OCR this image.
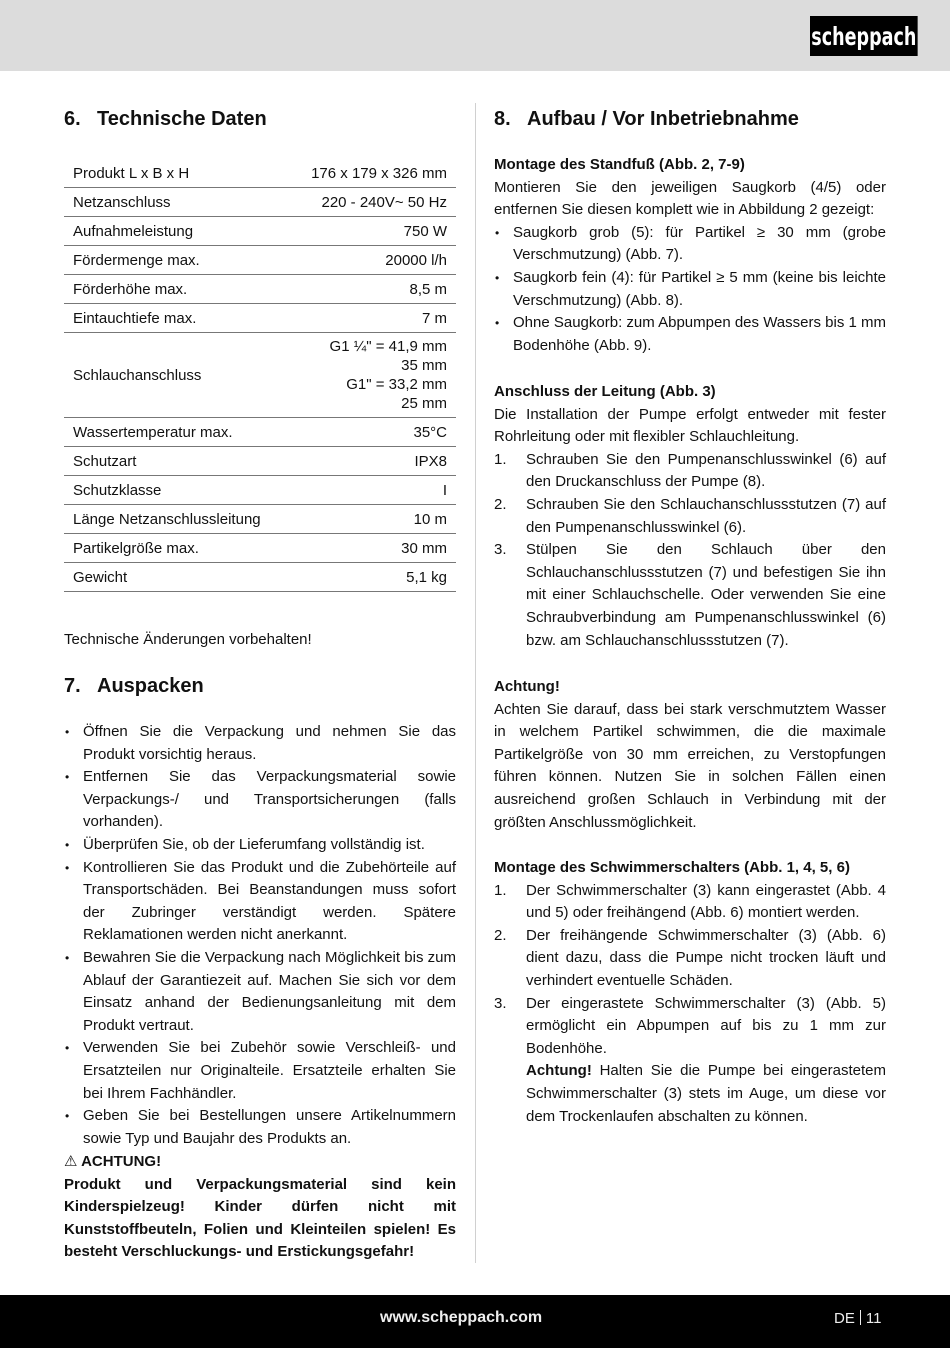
scheppach
6. Technische Daten
Produkt L x B x H	176 x 179 x 326 mm
Netzanschluss	220 - 240V~ 50 Hz
Aufnahmeleistung	750 W
Fördermenge max.	20000 l/h
Förderhöhe max.	8,5 m
Eintauchtiefe max.	7 m
Schlauchanschluss	G1 ¼" = 41,9 mm
35 mm
G1" = 33,2 mm
25 mm

Wassertemperatur max.	35°C
Schutzart	IPX8
Schutzklasse	I
Länge Netzanschlussleitung	10 m
Partikelgröße max.	30 mm
Gewicht	5,1 kg
Technische Änderungen vorbehalten!
7. Auspacken
• Öffnen Sie die Verpackung und nehmen Sie das Produkt vorsichtig heraus.
• Entfernen Sie das Verpackungsmaterial sowie Verpackungs-/ und Transportsicherungen (falls vorhanden).
• Überprüfen Sie, ob der Lieferumfang vollständig ist.
• Kontrollieren Sie das Produkt und die Zubehörteile auf Transportschäden. Bei Beanstandungen muss sofort der Zubringer verständigt werden. Spätere Reklamationen werden nicht anerkannt.
• Bewahren Sie die Verpackung nach Möglichkeit bis zum Ablauf der Garantiezeit auf. Machen Sie sich vor dem Einsatz anhand der Bedienungsanleitung mit dem Produkt vertraut.
• Verwenden Sie bei Zubehör sowie Verschleiß- und Ersatzteilen nur Originalteile. Ersatzteile erhalten Sie bei Ihrem Fachhändler.
• Geben Sie bei Bestellungen unsere Artikelnummern sowie Typ und Baujahr des Produkts an.
⚠ ACHTUNG!
Produkt und Verpackungsmaterial sind kein Kinderspielzeug! Kinder dürfen nicht mit Kunststoffbeuteln, Folien und Kleinteilen spielen! Es besteht Verschluckungs- und Erstickungsgefahr!
8. Aufbau / Vor Inbetriebnahme
Montage des Standfuß (Abb. 2, 7-9)
Montieren Sie den jeweiligen Saugkorb (4/5) oder entfernen Sie diesen komplett wie in Abbildung 2 gezeigt:
• Saugkorb grob (5): für Partikel ≥ 30 mm (grobe Verschmutzung) (Abb. 7).
• Saugkorb fein (4): für Partikel ≥ 5 mm (keine bis leichte Verschmutzung) (Abb. 8).
• Ohne Saugkorb: zum Abpumpen des Wassers bis 1 mm Bodenhöhe (Abb. 9).
Anschluss der Leitung (Abb. 3)
Die Installation der Pumpe erfolgt entweder mit fester Rohrleitung oder mit flexibler Schlauchleitung.
1. Schrauben Sie den Pumpenanschlusswinkel (6) auf den Druckanschluss der Pumpe (8).
2. Schrauben Sie den Schlauchanschlussstutzen (7) auf den Pumpenanschlusswinkel (6).
3. Stülpen Sie den Schlauch über den Schlauchanschlussstutzen (7) und befestigen Sie ihn mit einer Schlauchschelle. Oder verwenden Sie eine Schraubverbindung am Pumpenanschlusswinkel (6) bzw. am Schlauchanschlussstutzen (7).
Achtung!
Achten Sie darauf, dass bei stark verschmutztem Wasser in welchem Partikel schwimmen, die die maximale Partikelgröße von 30 mm erreichen, zu Verstopfungen führen können. Nutzen Sie in solchen Fällen einen ausreichend großen Schlauch in Verbindung mit der größten Anschlussmöglichkeit.
Montage des Schwimmerschalters (Abb. 1, 4, 5, 6)
1. Der Schwimmerschalter (3) kann eingerastet (Abb. 4 und 5) oder freihängend (Abb. 6) montiert werden.
2. Der freihängende Schwimmerschalter (3) (Abb. 6) dient dazu, dass die Pumpe nicht trocken läuft und verhindert eventuelle Schäden.
3. Der eingerastete Schwimmerschalter (3) (Abb. 5) ermöglicht ein Abpumpen auf bis zu 1 mm zur Bodenhöhe.
Achtung! Halten Sie die Pumpe bei eingerastetem Schwimmerschalter (3) stets im Auge, um diese vor dem Trockenlaufen abschalten zu können.
www.scheppach.com	DE 11
